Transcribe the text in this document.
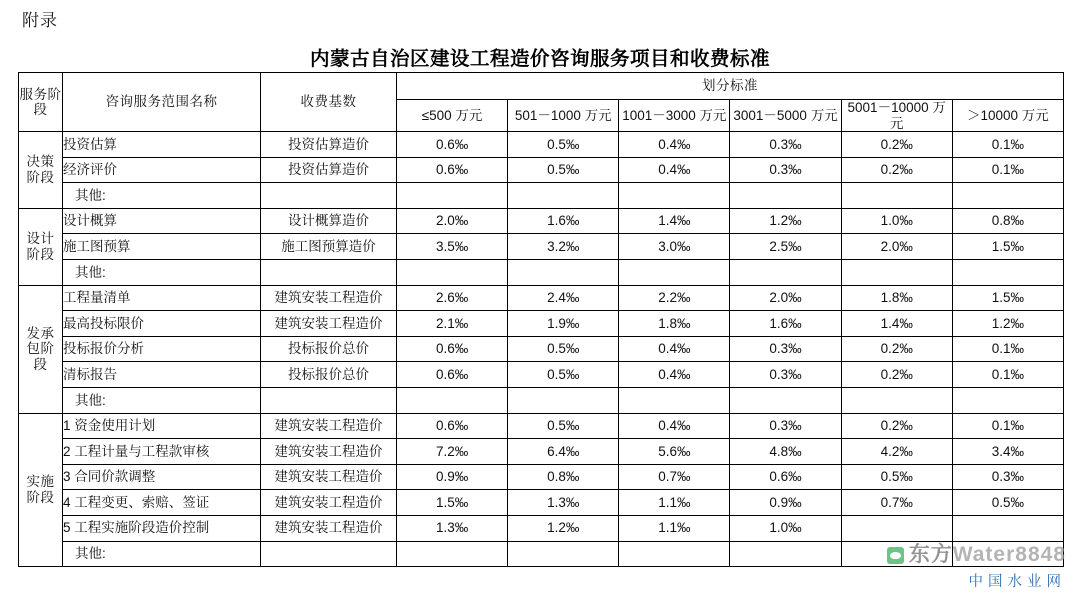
附录
内蒙古自治区建设工程造价咨询服务项目和收费标准
服务阶段	咨询服务范围名称	收费基数	划分标准					
			≤500 万元	501－1000 万元	1001－3000 万元	3001－5000 万元	5001－10000 万元	＞10000 万元

决策
阶段	投资估算	投资估算造价	0.6‰	0.5‰	0.4‰	0.3‰	0.2‰	0.1‰
	经济评价	投资估算造价	0.6‰	0.5‰	0.4‰	0.3‰	0.2‰	0.1‰
	其他:							

设计
阶段	设计概算	设计概算造价	2.0‰	1.6‰	1.4‰	1.2‰	1.0‰	0.8‰
	施工图预算	施工图预算造价	3.5‰	3.2‰	3.0‰	2.5‰	2.0‰	1.5‰
	其他:							

发承
包阶
段	工程量清单	建筑安装工程造价	2.6‰	2.4‰	2.2‰	2.0‰	1.8‰	1.5‰
	最高投标限价	建筑安装工程造价	2.1‰	1.9‰	1.8‰	1.6‰	1.4‰	1.2‰
	投标报价分析	投标报价总价	0.6‰	0.5‰	0.4‰	0.3‰	0.2‰	0.1‰
	清标报告	投标报价总价	0.6‰	0.5‰	0.4‰	0.3‰	0.2‰	0.1‰
	其他:							

实施
阶段	1 资金使用计划	建筑安装工程造价	0.6‰	0.5‰	0.4‰	0.3‰	0.2‰	0.1‰
	2 工程计量与工程款审核	建筑安装工程造价	7.2‰	6.4‰	5.6‰	4.8‰	4.2‰	3.4‰
	3 合同价款调整	建筑安装工程造价	0.9‰	0.8‰	0.7‰	0.6‰	0.5‰	0.3‰
	4 工程变更、索赔、签证	建筑安装工程造价	1.5‰	1.3‰	1.1‰	0.9‰	0.7‰	0.5‰
	5 工程实施阶段造价控制	建筑安装工程造价	1.3‰	1.2‰	1.1‰	1.0‰		
	其他:								东方Water8848
中国水业网
